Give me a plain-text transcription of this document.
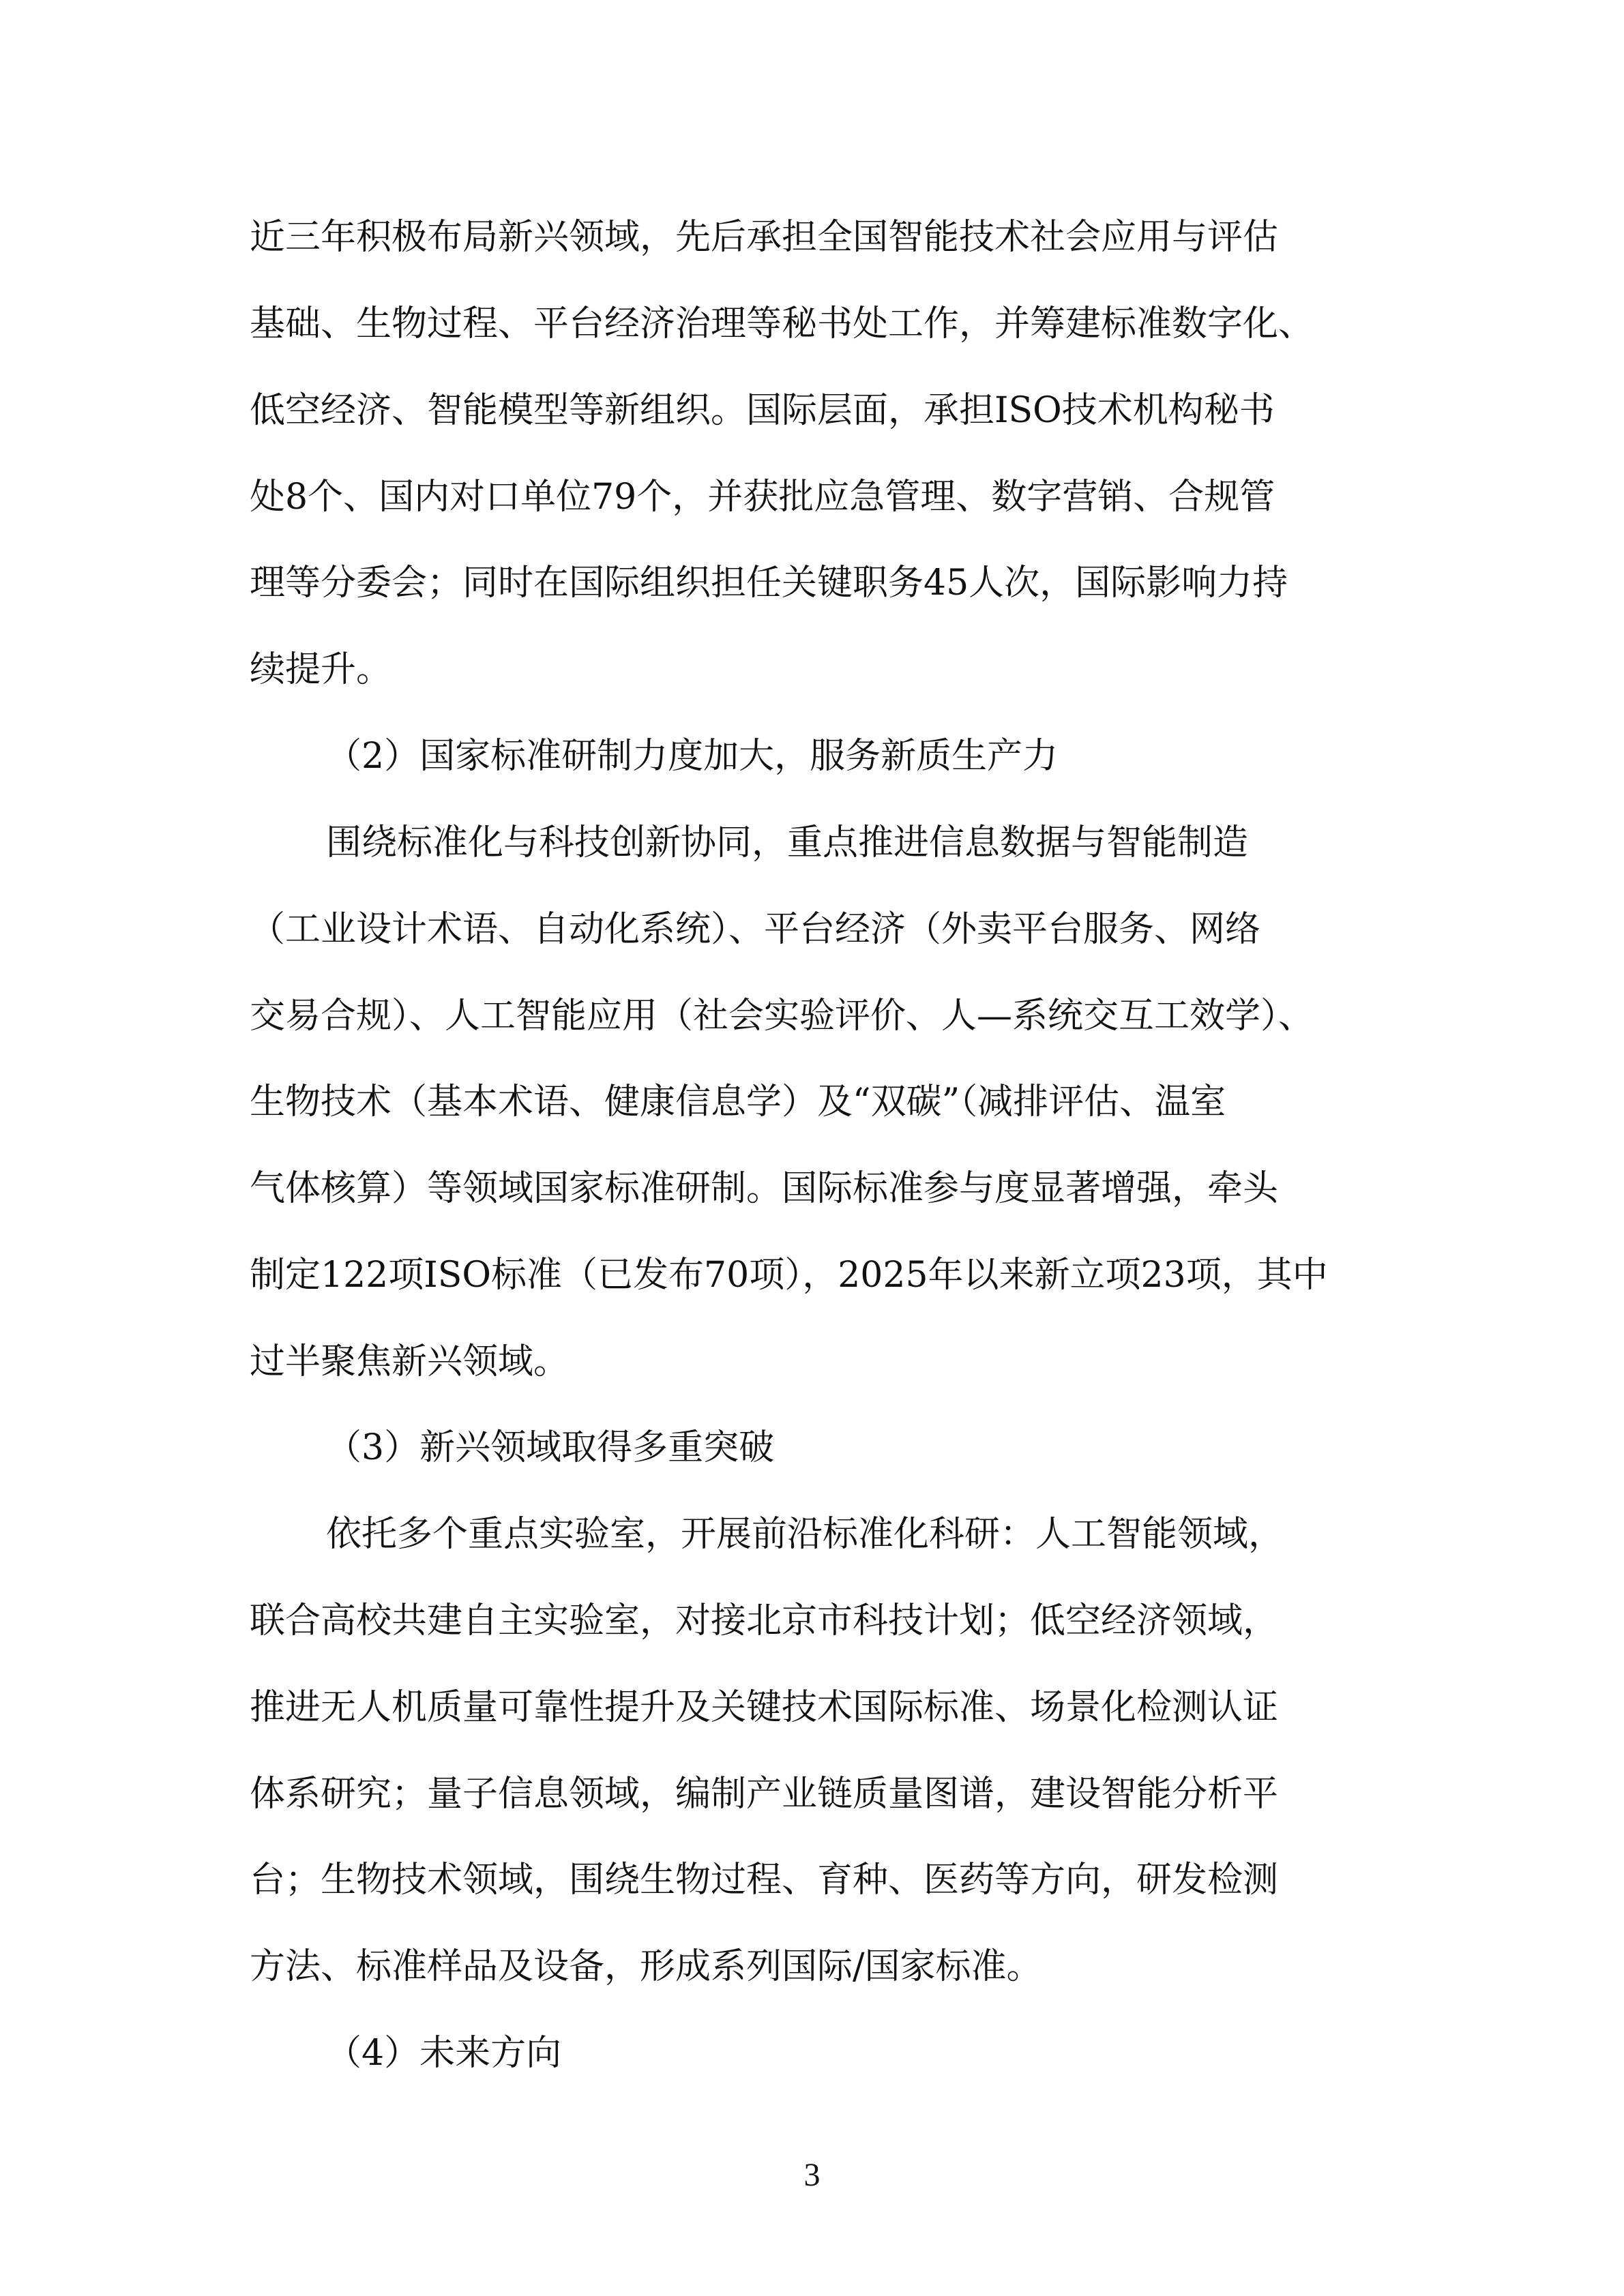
近三年积极布局新兴领域，先后承担全国智能技术社会应用与评估
基础、生物过程、平台经济治理等秘书处工作，并筹建标准数字化、
低空经济、智能模型等新组织。国际层面，承担ISO技术机构秘书
处8个、国内对口单位79个，并获批应急管理、数字营销、合规管
理等分委会；同时在国际组织担任关键职务45人次，国际影响力持
续提升。
（2）国家标准研制力度加大，服务新质生产力
围绕标准化与科技创新协同，重点推进信息数据与智能制造
（工业设计术语、自动化系统）、平台经济（外卖平台服务、网络
交易合规）、人工智能应用（社会实验评价、人—系统交互工效学）、
生物技术（基本术语、健康信息学）及“双碳”（减排评估、温室
气体核算）等领域国家标准研制。国际标准参与度显著增强，牵头
制定122项ISO标准（已发布70项），2025年以来新立项23项，其中
过半聚焦新兴领域。
（3）新兴领域取得多重突破
依托多个重点实验室，开展前沿标准化科研：人工智能领域，
联合高校共建自主实验室，对接北京市科技计划；低空经济领域，
推进无人机质量可靠性提升及关键技术国际标准、场景化检测认证
体系研究；量子信息领域，编制产业链质量图谱，建设智能分析平
台；生物技术领域，围绕生物过程、育种、医药等方向，研发检测
方法、标准样品及设备，形成系列国际/国家标准。
（4）未来方向
3
